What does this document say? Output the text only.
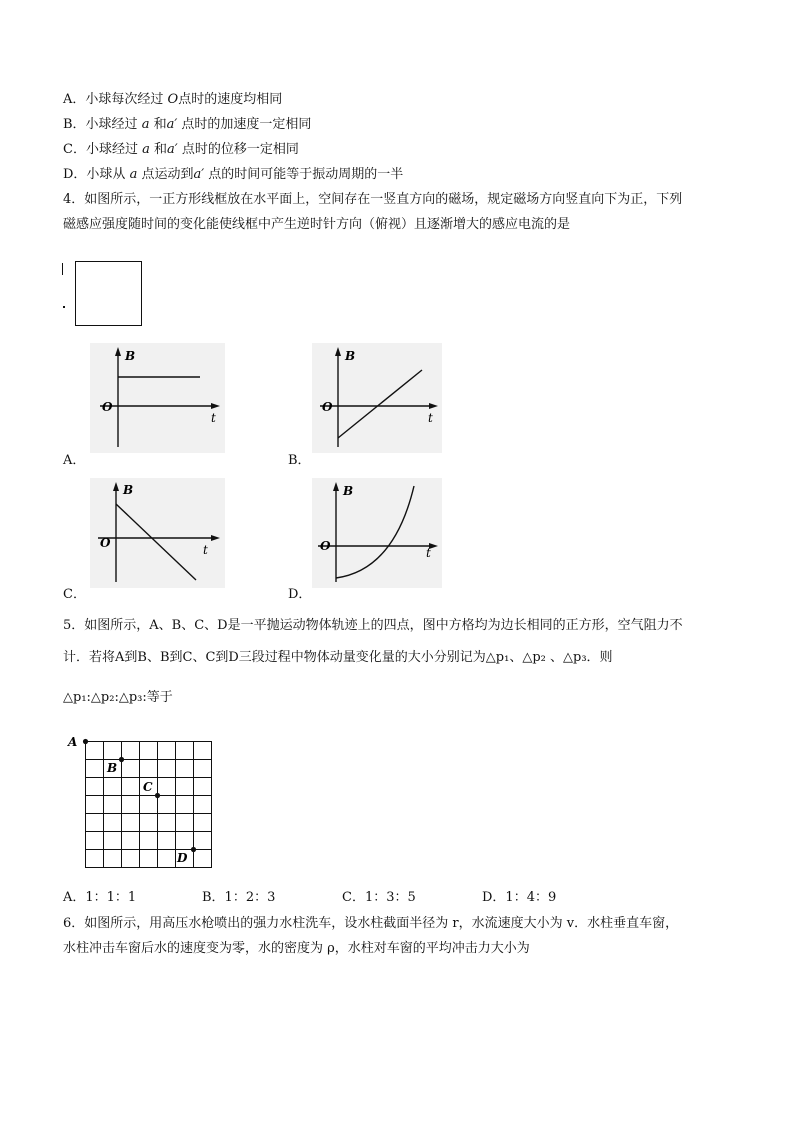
A．小球每次经过 O点时的速度均相同
B．小球经过 a 和a′ 点时的加速度一定相同
C．小球经过 a 和a′ 点时的位移一定相同
D．小球从 a 点运动到a′ 点的时间可能等于振动周期的一半
4．如图所示，一正方形线框放在水平面上，空间存在一竖直方向的磁场，规定磁场方向竖直向下为正，下列
磁感应强度随时间的变化能使线框中产生逆时针方向（俯视）且逐渐增大的感应电流的是
B
O
t
A．
B
O
t
B．
B
O	t
C．
B
O	t
D．
5．如图所示，A、B、C、D是一平抛运动物体轨迹上的四点，图中方格均为边长相同的正方形，空气阻力不
计．若将A到B、B到C、C到D三段过程中物体动量变化量的大小分别记为△p₁、△p₂ 、△p₃．则
△p₁:△p₂:△p₃:等于
A
B
C
D
A．1：1：1	B．1：2：3	C．1：3：5	D．1：4：9
6．如图所示，用高压水枪喷出的强力水柱洗车，设水柱截面半径为 r，水流速度大小为 v．水柱垂直车窗，
水柱冲击车窗后水的速度变为零，水的密度为 ρ，水柱对车窗的平均冲击力大小为
